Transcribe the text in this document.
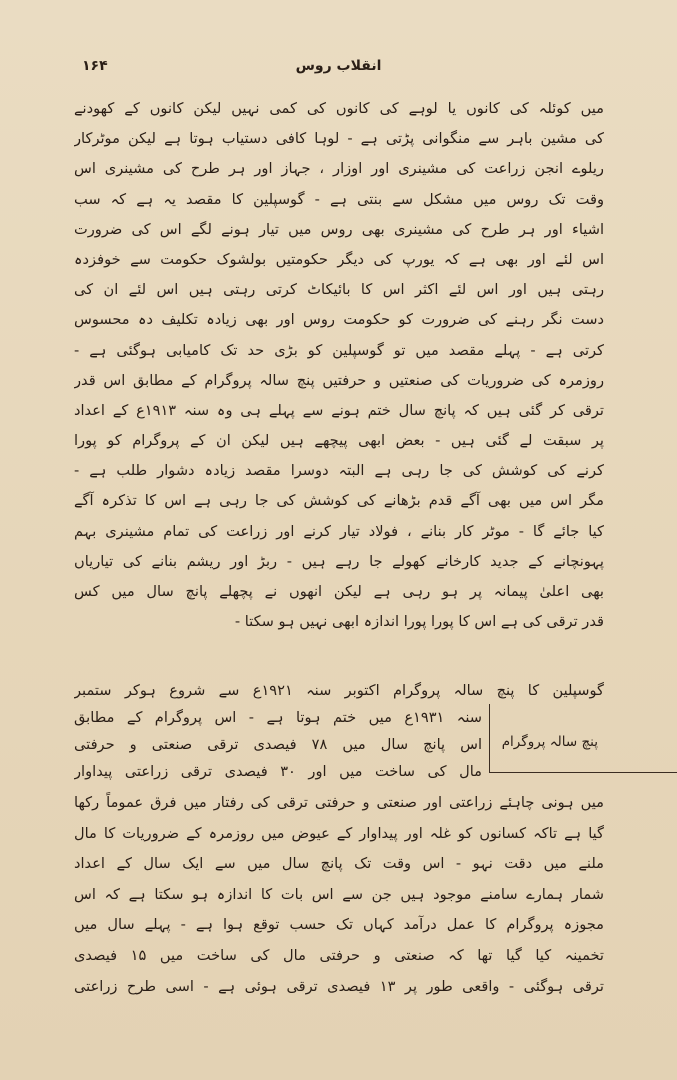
انقلاب روس
۱۶۴
میں کوئلہ کی کانوں یا لوہے کی کانوں کی کمی نہیں لیکن کانوں کے کھودنے
کی مشین باہر سے منگوانی پڑتی ہے - لوہا کافی دستیاب ہوتا ہے لیکن موٹرکار
ریلوے انجن زراعت کی مشینری اور اوزار ، جہاز اور ہر طرح کی مشینری اس
وقت تک روس میں مشکل سے بنتی ہے - گوسپلین کا مقصد یہ ہے کہ سب
اشیاء اور ہر طرح کی مشینری بھی روس میں تیار ہونے لگے اس کی ضرورت
اس لئے اور بھی ہے کہ یورپ کی دیگر حکومتیں بولشوک حکومت سے خوفزدہ
رہتی ہیں اور اس لئے اکثر اس کا بائیکاٹ کرتی رہتی ہیں اس لئے ان کی
دست نگر رہنے کی ضرورت کو حکومت روس اور بھی زیادہ تکلیف دہ محسوس
کرتی ہے - پہلے مقصد میں تو گوسپلین کو بڑی حد تک کامیابی ہوگئی ہے -
روزمرہ کی ضروریات کی صنعتیں و حرفتیں پنچ سالہ پروگرام کے مطابق اس قدر
ترقی کر گئی ہیں کہ پانچ سال ختم ہونے سے پہلے ہی وہ سنہ ۱۹۱۳ع کے اعداد
پر سبقت لے گئی ہیں - بعض ابھی پیچھے ہیں لیکن ان کے پروگرام کو پورا
کرنے کی کوشش کی جا رہی ہے البتہ دوسرا مقصد زیادہ دشوار طلب ہے -
مگر اس میں بھی آگے قدم بڑھانے کی کوشش کی جا رہی ہے اس کا تذکرہ آگے
کیا جائے گا - موٹر کار بنانے ، فولاد تیار کرنے اور زراعت کی تمام مشینری بہم
پہونچانے کے جدید کارخانے کھولے جا رہے ہیں - ربڑ اور ریشم بنانے کی تیاریاں
بھی اعلیٰ پیمانہ پر ہو رہی ہے لیکن انھوں نے پچھلے پانچ سال میں کس
قدر ترقی کی ہے اس کا پورا پورا اندازہ ابھی نہیں ہو سکتا -
گوسپلین کا پنچ سالہ پروگرام اکتوبر سنہ ۱۹۲۱ع سے شروع ہوکر ستمبر
سنہ ۱۹۳۱ع میں ختم ہوتا ہے - اس پروگرام کے مطابق
اس پانچ سال میں ۷۸ فیصدی ترقی صنعتی و حرفتی
مال کی ساخت میں اور ۳۰ فیصدی ترقی زراعتی پیداوار
پنچ سالہ پروگرام
میں ہونی چاہئے زراعتی اور صنعتی و حرفتی ترقی کی رفتار میں فرق عموماً رکھا
گیا ہے تاکہ کسانوں کو غلہ اور پیداوار کے عیوض میں روزمرہ کے ضروریات کا مال
ملنے میں دقت نہو - اس وقت تک پانچ سال میں سے ایک سال کے اعداد
شمار ہمارے سامنے موجود ہیں جن سے اس بات کا اندازہ ہو سکتا ہے کہ اس
مجوزہ پروگرام کا عمل درآمد کہاں تک حسب توقع ہوا ہے - پہلے سال میں
تخمینہ کیا گیا تھا کہ صنعتی و حرفتی مال کی ساخت میں ۱۵ فیصدی
ترقی ہوگئی - واقعی طور پر ۱۳ فیصدی ترقی ہوئی ہے - اسی طرح زراعتی
